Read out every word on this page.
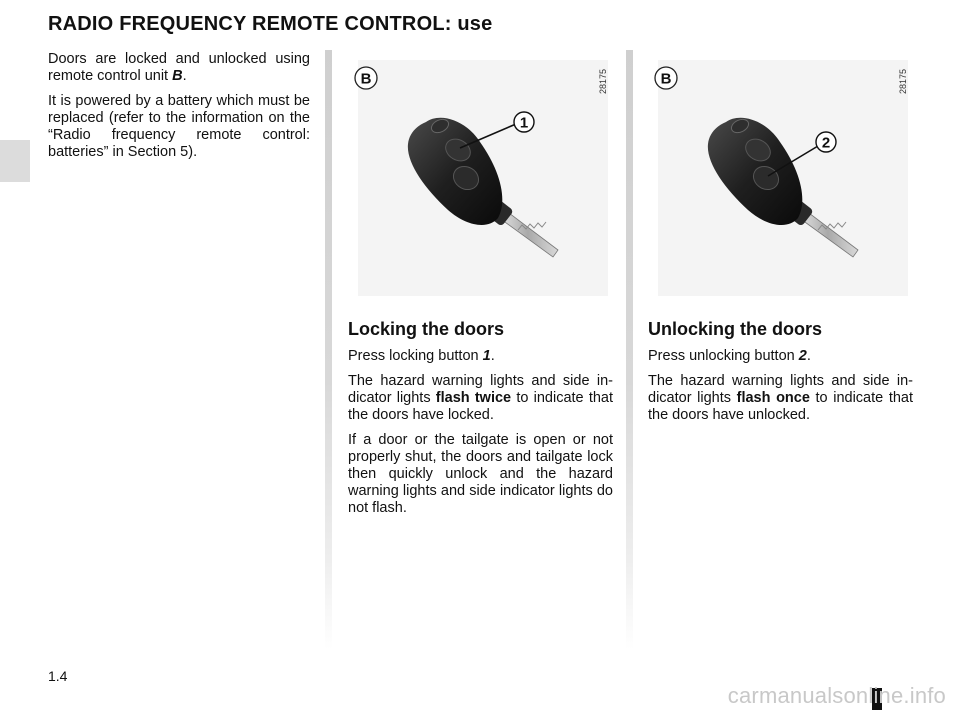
RADIO FREQUENCY REMOTE CONTROL: use

Doors are locked and unlocked using remote control unit B.

It is powered by a battery which must be replaced (refer to the information on the “Radio frequency remote control: batteries” in Section 5).

B	28175
1
B	28175
2
Locking the doors

Press locking button 1.

The hazard warning lights and side in-dicator lights flash twice to indicate that the doors have locked.

If a door or the tailgate is open or not properly shut, the doors and tailgate lock then quickly unlock and the hazard warning lights and side indicator lights do not flash.

Unlocking the doors

Press unlocking button 2.

The hazard warning lights and side in-dicator lights flash once to indicate that the doors have unlocked.

1.4
carmanualsonline.info
